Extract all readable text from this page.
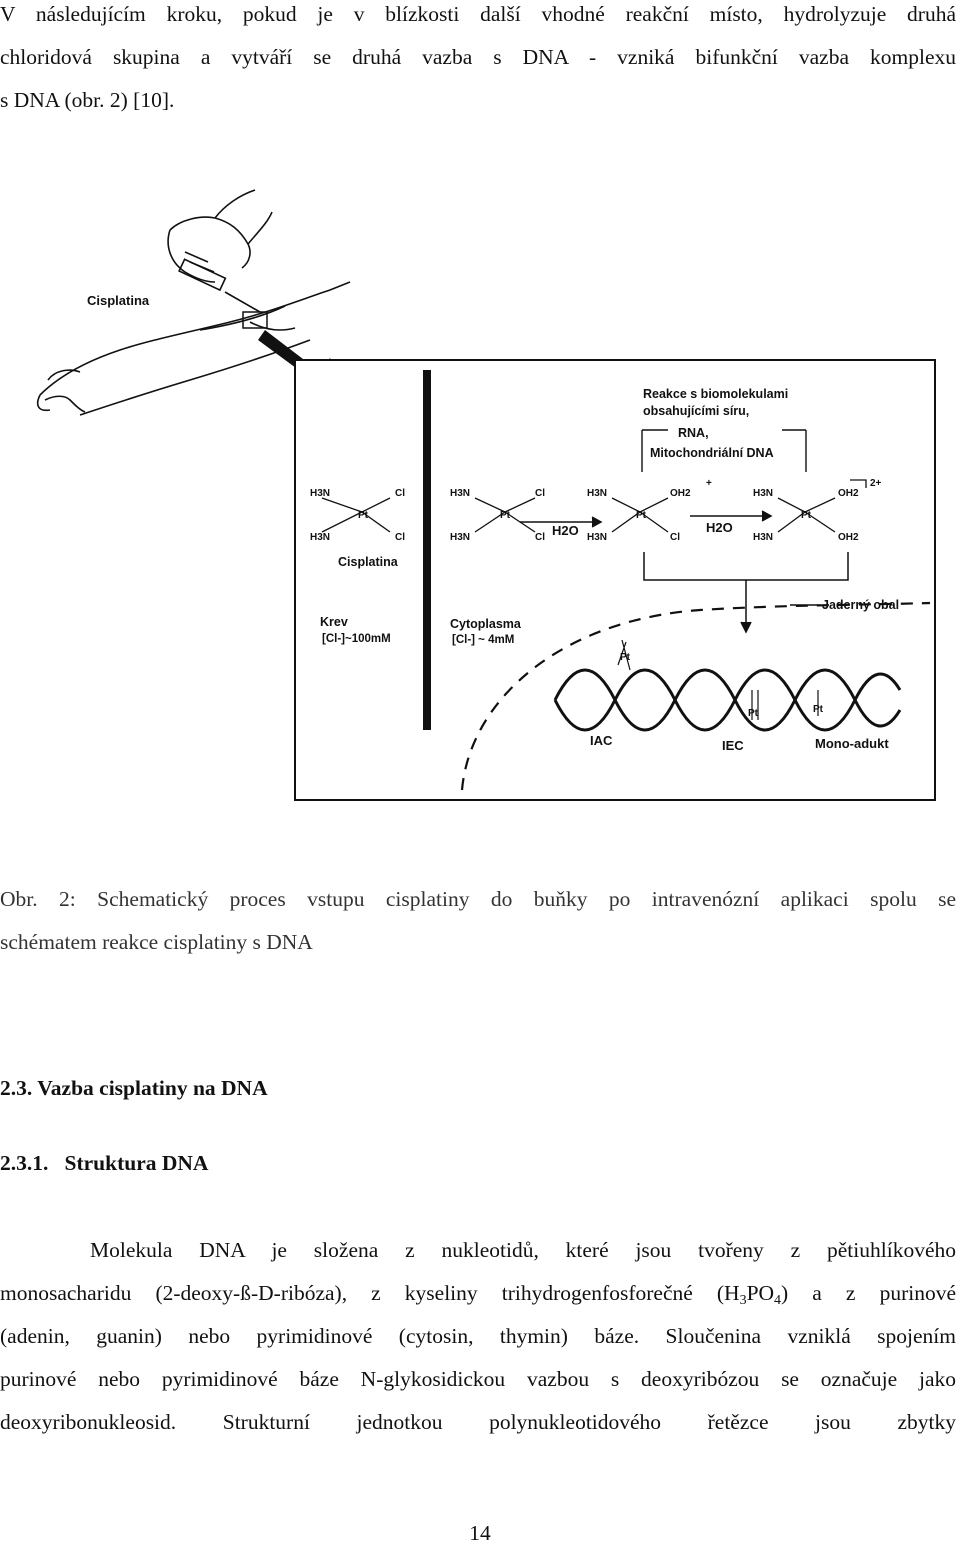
V následujícím kroku, pokud je v blízkosti další vhodné reakční místo, hydrolyzuje druhá
chloridová skupina a vytváří se druhá vazba s DNA - vzniká bifunkční vazba komplexu
s DNA (obr. 2) [10].
Cisplatina
Reakce s biomolekulami
obsahujícími síru,
RNA,
Mitochondriální DNA
H3N	Cl
Pt
H3N	Cl
Cisplatina
H3N	Cl
Pt
H3N	Cl H2O
H3N	OH2
+
Pt
H3N	Cl
H2O
H3N	OH2
2+
Pt
H3N	OH2
Krev
[Cl-]~100mM
Cytoplasma
[Cl-] ~ 4mM
Jaderný obal
Pt
Pt	Pt
IAC	IEC	Mono-adukt
Obr. 2: Schematický proces vstupu cisplatiny do buňky po intravenózní aplikaci spolu se
schématem reakce cisplatiny s DNA
2.3. Vazba cisplatiny na DNA
2.3.1. Struktura DNA
Molekula DNA je složena z nukleotidů, které jsou tvořeny z pětiuhlíkového
monosacharidu (2-deoxy-ß-D-ribóza), z kyseliny trihydrogenfosforečné $(H_3PO_4)$ a z purinové
(adenin, guanin) nebo pyrimidinové (cytosin, thymin) báze. Sloučenina vzniklá spojením
purinové nebo pyrimidinové báze N-glykosidickou vazbou s deoxyribózou se označuje jako
deoxyribonukleosid. Strukturní jednotkou polynukleotidového řetězce jsou zbytky
14
